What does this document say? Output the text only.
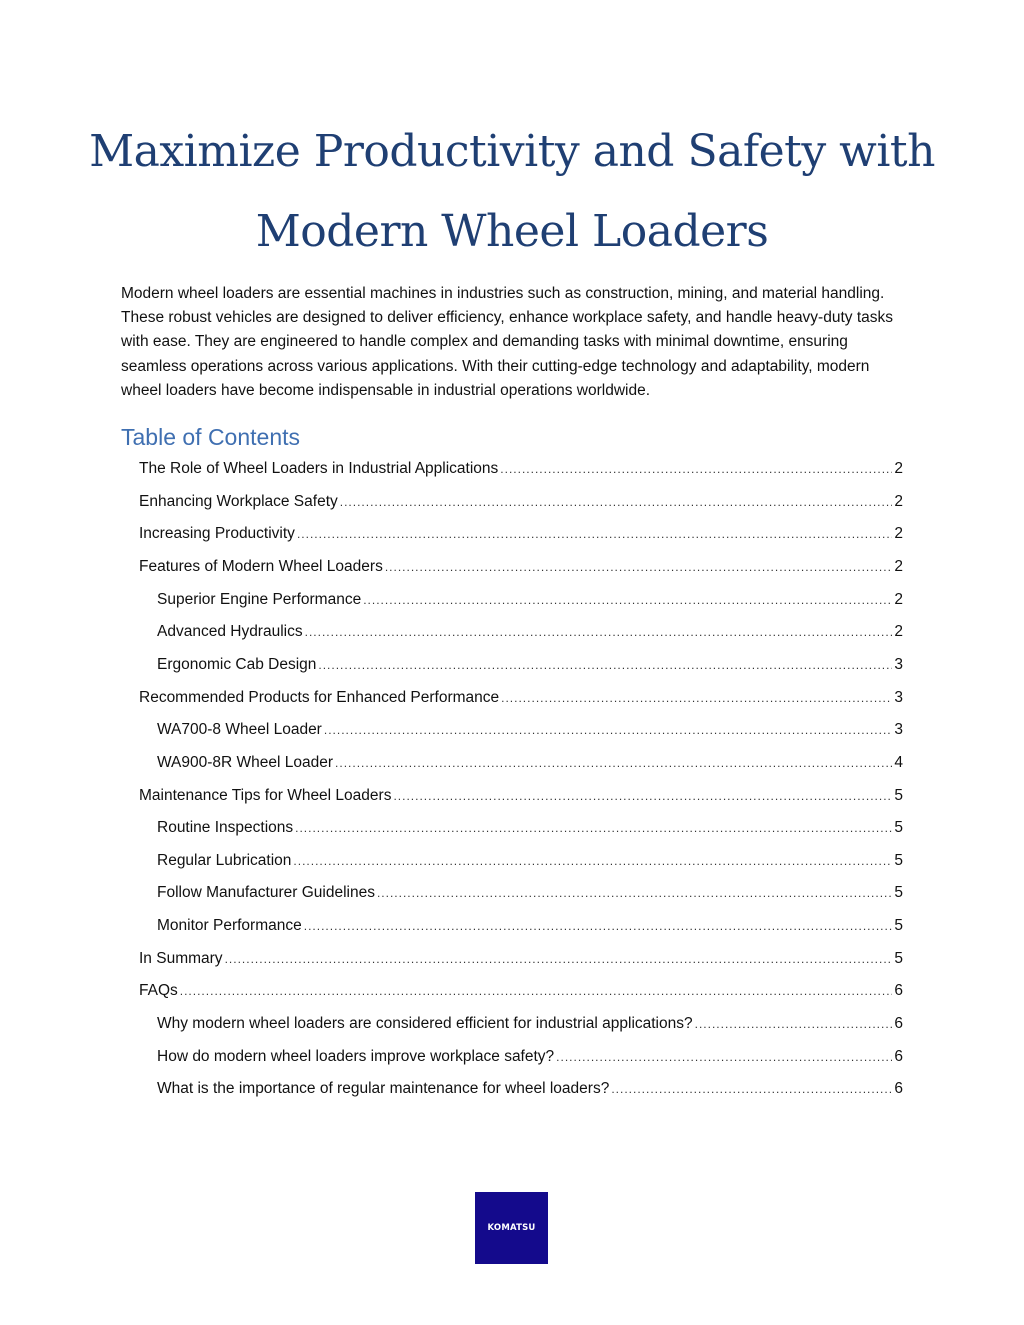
Maximize Productivity and Safety with
Modern Wheel Loaders
Modern wheel loaders are essential machines in industries such as construction, mining, and material handling. These robust vehicles are designed to deliver efficiency, enhance workplace safety, and handle heavy-duty tasks with ease. They are engineered to handle complex and demanding tasks with minimal downtime, ensuring seamless operations across various applications. With their cutting-edge technology and adaptability, modern wheel loaders have become indispensable in industrial operations worldwide.
Table of Contents
The Role of Wheel Loaders in Industrial Applications .....	2
Enhancing Workplace Safety .....	2
Increasing Productivity .....	2
Features of Modern Wheel Loaders .....	2
Superior Engine Performance .....	2
Advanced Hydraulics .....	2
Ergonomic Cab Design .....	3
Recommended Products for Enhanced Performance .....	3
WA700-8 Wheel Loader .....	3
WA900-8R Wheel Loader .....	4
Maintenance Tips for Wheel Loaders .....	5
Routine Inspections .....	5
Regular Lubrication .....	5
Follow Manufacturer Guidelines .....	5
Monitor Performance .....	5
In Summary .....	5
FAQs .....	6
Why modern wheel loaders are considered efficient for industrial applications? .....	6
How do modern wheel loaders improve workplace safety? .....	6
What is the importance of regular maintenance for wheel loaders? .....	6
KOMATSU
